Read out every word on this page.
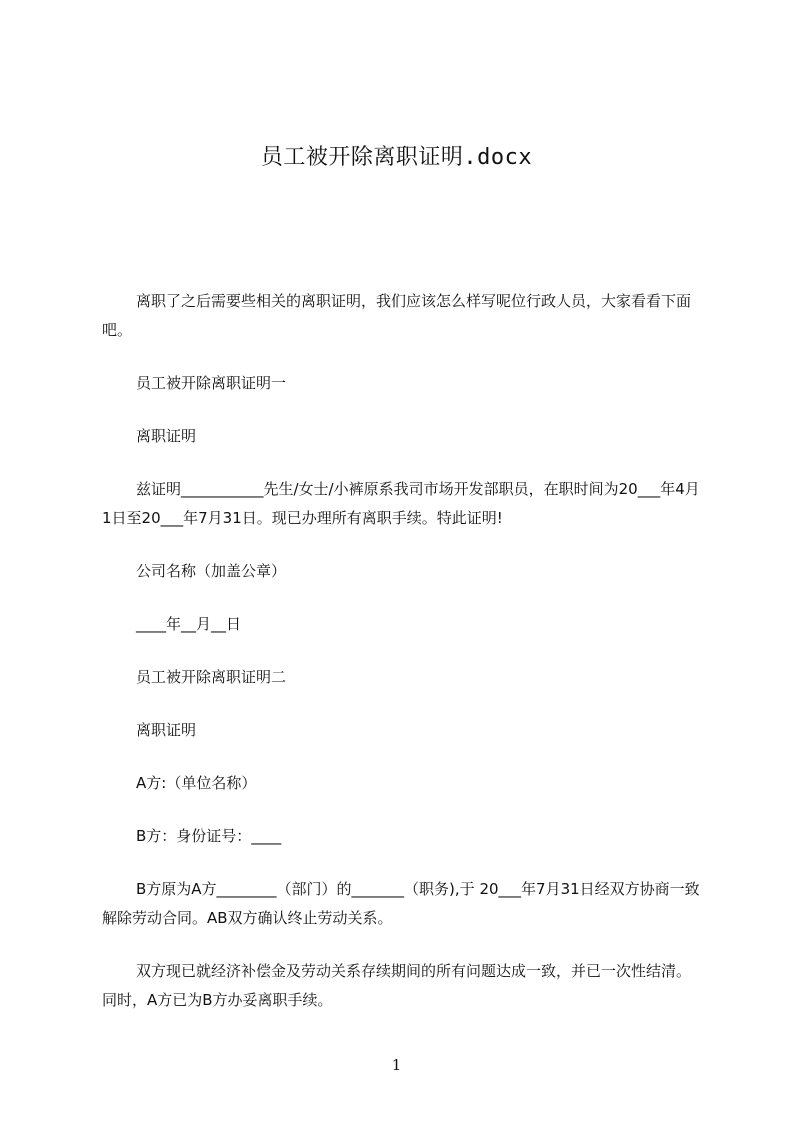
员工被开除离职证明.docx

离职了之后需要些相关的离职证明，我们应该怎么样写呢位行政人员，大家看看下面吧。

员工被开除离职证明一

离职证明

兹证明___________先生/女士/小裤原系我司市场开发部职员，在职时间为20___年4月1日至20___年7月31日。现已办理所有离职手续。特此证明!

公司名称（加盖公章）

____年__月__日

员工被开除离职证明二

离职证明

A方:（单位名称）

B方：身份证号：____

B方原为A方________（部门）的_______（职务),于 20___年7月31日经双方协商一致解除劳动合同。AB双方确认终止劳动关系。

双方现已就经济补偿金及劳动关系存续期间的所有问题达成一致，并已一次性结清。同时，A方已为B方办妥离职手续。

1
